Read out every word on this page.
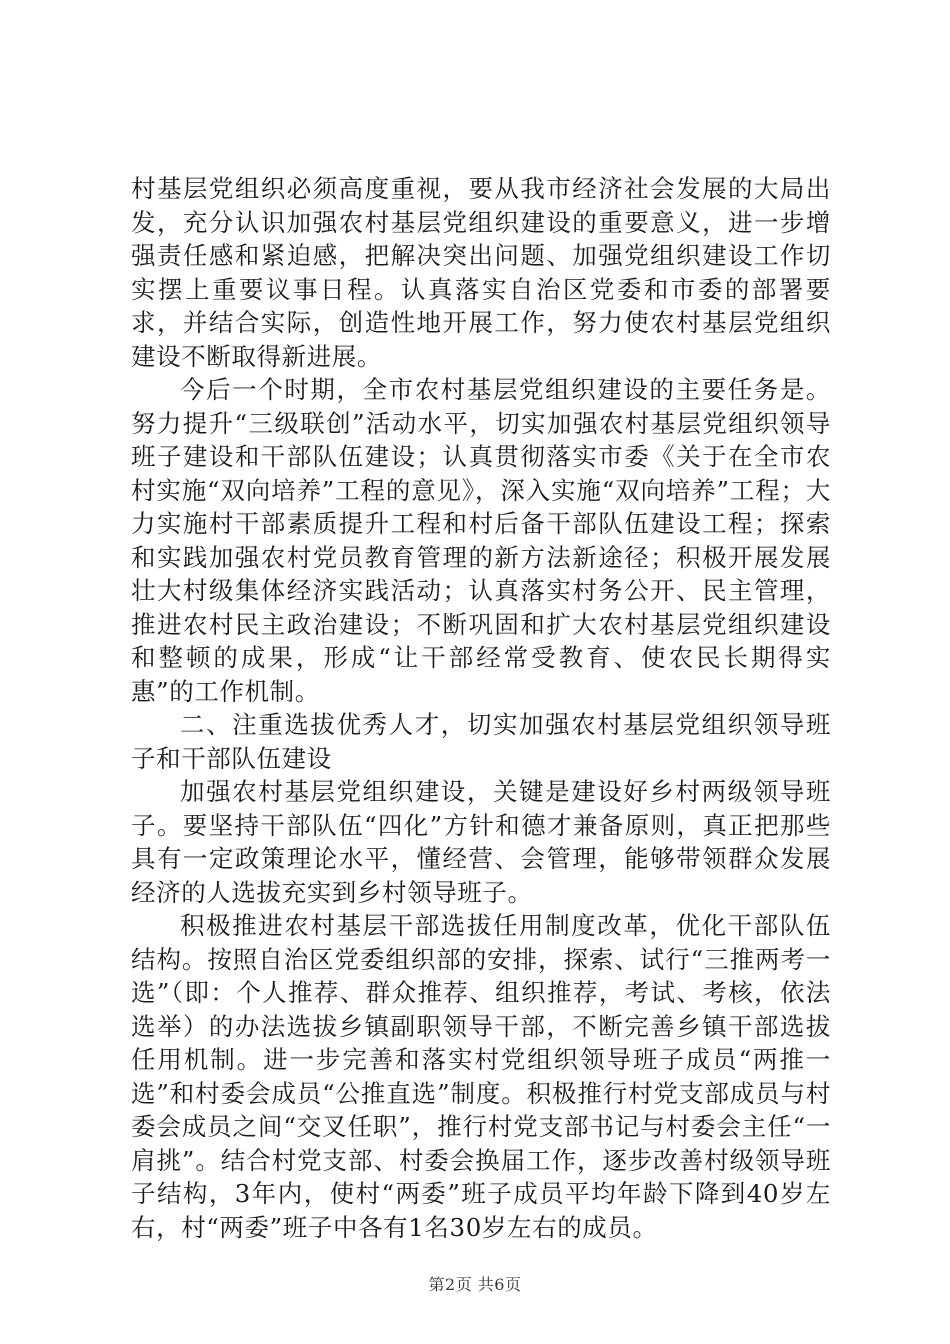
村基层党组织必须高度重视，要从我市经济社会发展的大局出发，充分认识加强农村基层党组织建设的重要意义，进一步增强责任感和紧迫感，把解决突出问题、加强党组织建设工作切实摆上重要议事日程。认真落实自治区党委和市委的部署要求，并结合实际，创造性地开展工作，努力使农村基层党组织建设不断取得新进展。

今后一个时期，全市农村基层党组织建设的主要任务是。努力提升“三级联创”活动水平，切实加强农村基层党组织领导班子建设和干部队伍建设；认真贯彻落实市委《关于在全市农村实施“双向培养”工程的意见》，深入实施“双向培养”工程；大力实施村干部素质提升工程和村后备干部队伍建设工程；探索和实践加强农村党员教育管理的新方法新途径；积极开展发展壮大村级集体经济实践活动；认真落实村务公开、民主管理，推进农村民主政治建设；不断巩固和扩大农村基层党组织建设和整顿的成果，形成“让干部经常受教育、使农民长期得实惠”的工作机制。

二、注重选拔优秀人才，切实加强农村基层党组织领导班子和干部队伍建设

加强农村基层党组织建设，关键是建设好乡村两级领导班子。要坚持干部队伍“四化”方针和德才兼备原则，真正把那些具有一定政策理论水平，懂经营、会管理，能够带领群众发展经济的人选拔充实到乡村领导班子。

积极推进农村基层干部选拔任用制度改革，优化干部队伍结构。按照自治区党委组织部的安排，探索、试行“三推两考一选”（即：个人推荐、群众推荐、组织推荐，考试、考核，依法选举）的办法选拔乡镇副职领导干部，不断完善乡镇干部选拔任用机制。进一步完善和落实村党组织领导班子成员“两推一选”和村委会成员“公推直选”制度。积极推行村党支部成员与村委会成员之间“交叉任职”，推行村党支部书记与村委会主任“一肩挑”。结合村党支部、村委会换届工作，逐步改善村级领导班子结构，3年内，使村“两委”班子成员平均年龄下降到40岁左右，村“两委”班子中各有1名30岁左右的成员。

第2页 共6页
